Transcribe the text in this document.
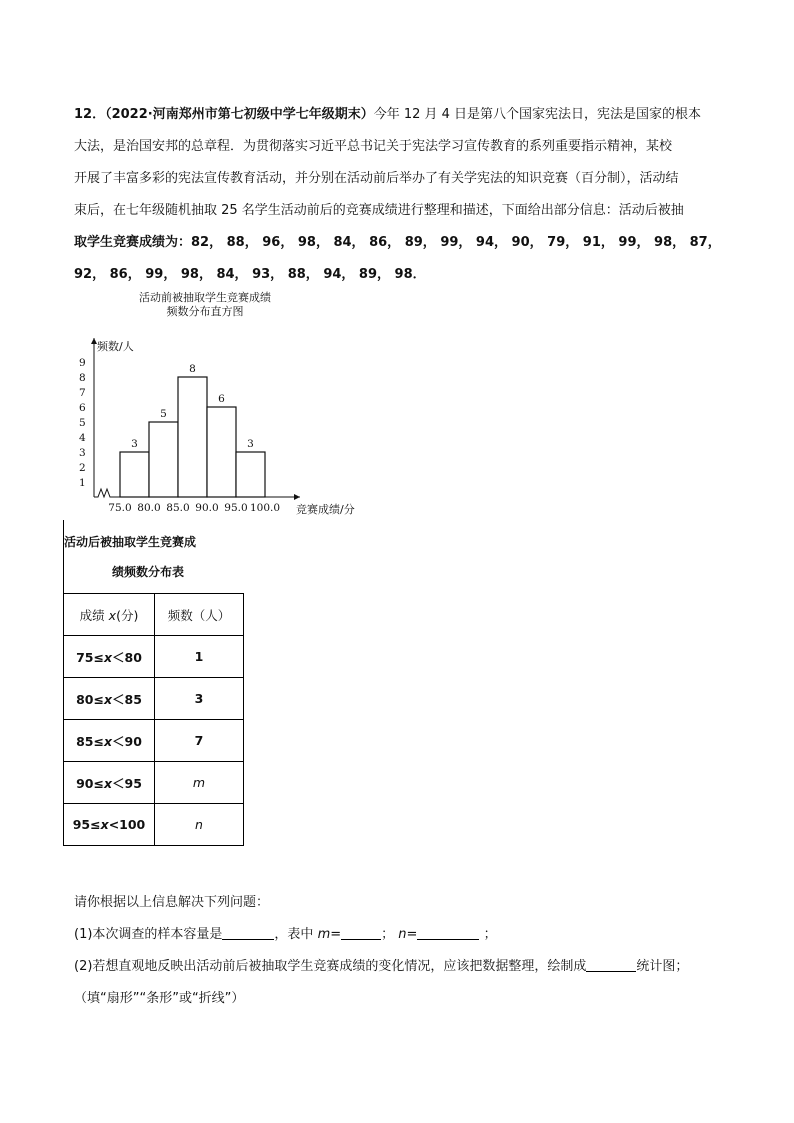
12．（2022·河南郑州市第七初级中学七年级期末）今年 12 月 4 日是第八个国家宪法日，宪法是国家的根本
大法，是治国安邦的总章程．为贯彻落实习近平总书记关于宪法学习宣传教育的系列重要指示精神，某校
开展了丰富多彩的宪法宣传教育活动，并分别在活动前后举办了有关学宪法的知识竞赛（百分制），活动结
束后，在七年级随机抽取 25 名学生活动前后的竞赛成绩进行整理和描述，下面给出部分信息：活动后被抽
取学生竞赛成绩为：82， 88， 96， 98， 84， 86， 89， 99， 94， 90， 79， 91， 99， 98， 87，
92， 86， 99， 98， 84， 93， 88， 94， 89， 98．
活动前被抽取学生竞赛成绩
频数分布直方图
频数/人
竞赛成绩/分
1
2
3
4
5
6
7
8
9
75.0 80.0 85.0 90.0 95.0 100.0
3
5
8
6
3
活动后被抽取学生竞赛成
绩频数分布表
成绩 x(分)	频数（人）
75≤x＜80	1
80≤x＜85	3
85≤x＜90	7
90≤x＜95	m
95≤x<100	n
请你根据以上信息解决下列问题：
(1)本次调查的样本容量是	，表中 m=	； n=	；
(2)若想直观地反映出活动前后被抽取学生竞赛成绩的变化情况，应该把数据整理，绘制成	统计图；
（填“扇形”“条形”或“折线”）
